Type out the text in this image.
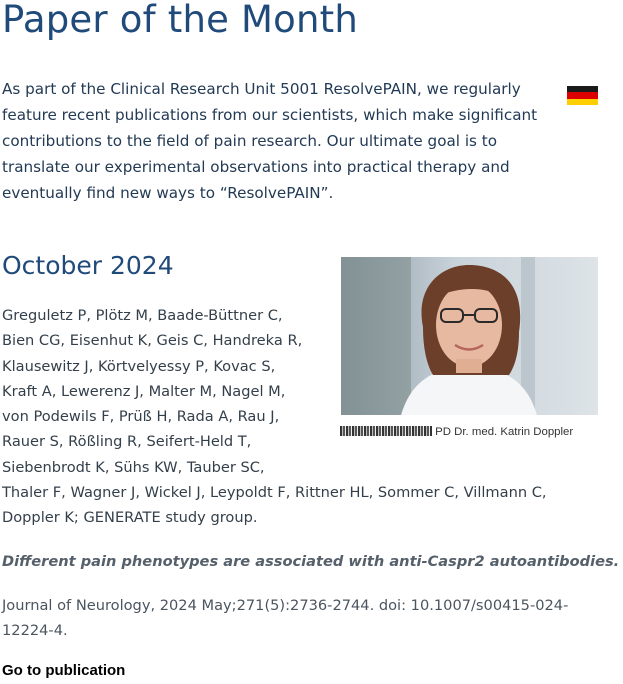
Paper of the Month

As part of the Clinical Research Unit 5001 ResolvePAIN, we regularly feature recent publications from our scientists, which make significant contributions to the field of pain research. Our ultimate goal is to translate our experimental observations into practical therapy and eventually find new ways to “ResolvePAIN”.

October 2024
PD Dr. med. Katrin Doppler
Greguletz P, Plötz M, Baade-Büttner C,
Bien CG, Eisenhut K, Geis C, Handreka R,
Klausewitz J, Körtvelyessy P, Kovac S,
Kraft A, Lewerenz J, Malter M, Nagel M,
von Podewils F, Prüß H, Rada A, Rau J,
Rauer S, Rößling R, Seifert-Held T,
Siebenbrodt K, Sühs KW, Tauber SC,
Thaler F, Wagner J, Wickel J, Leypoldt F, Rittner HL, Sommer C, Villmann C,
Doppler K; GENERATE study group.

Different pain phenotypes are associated with anti-Caspr2 autoantibodies.

Journal of Neurology, 2024 May;271(5):2736-2744. doi: 10.1007/s00415-024-12224-4.

Go to publication
